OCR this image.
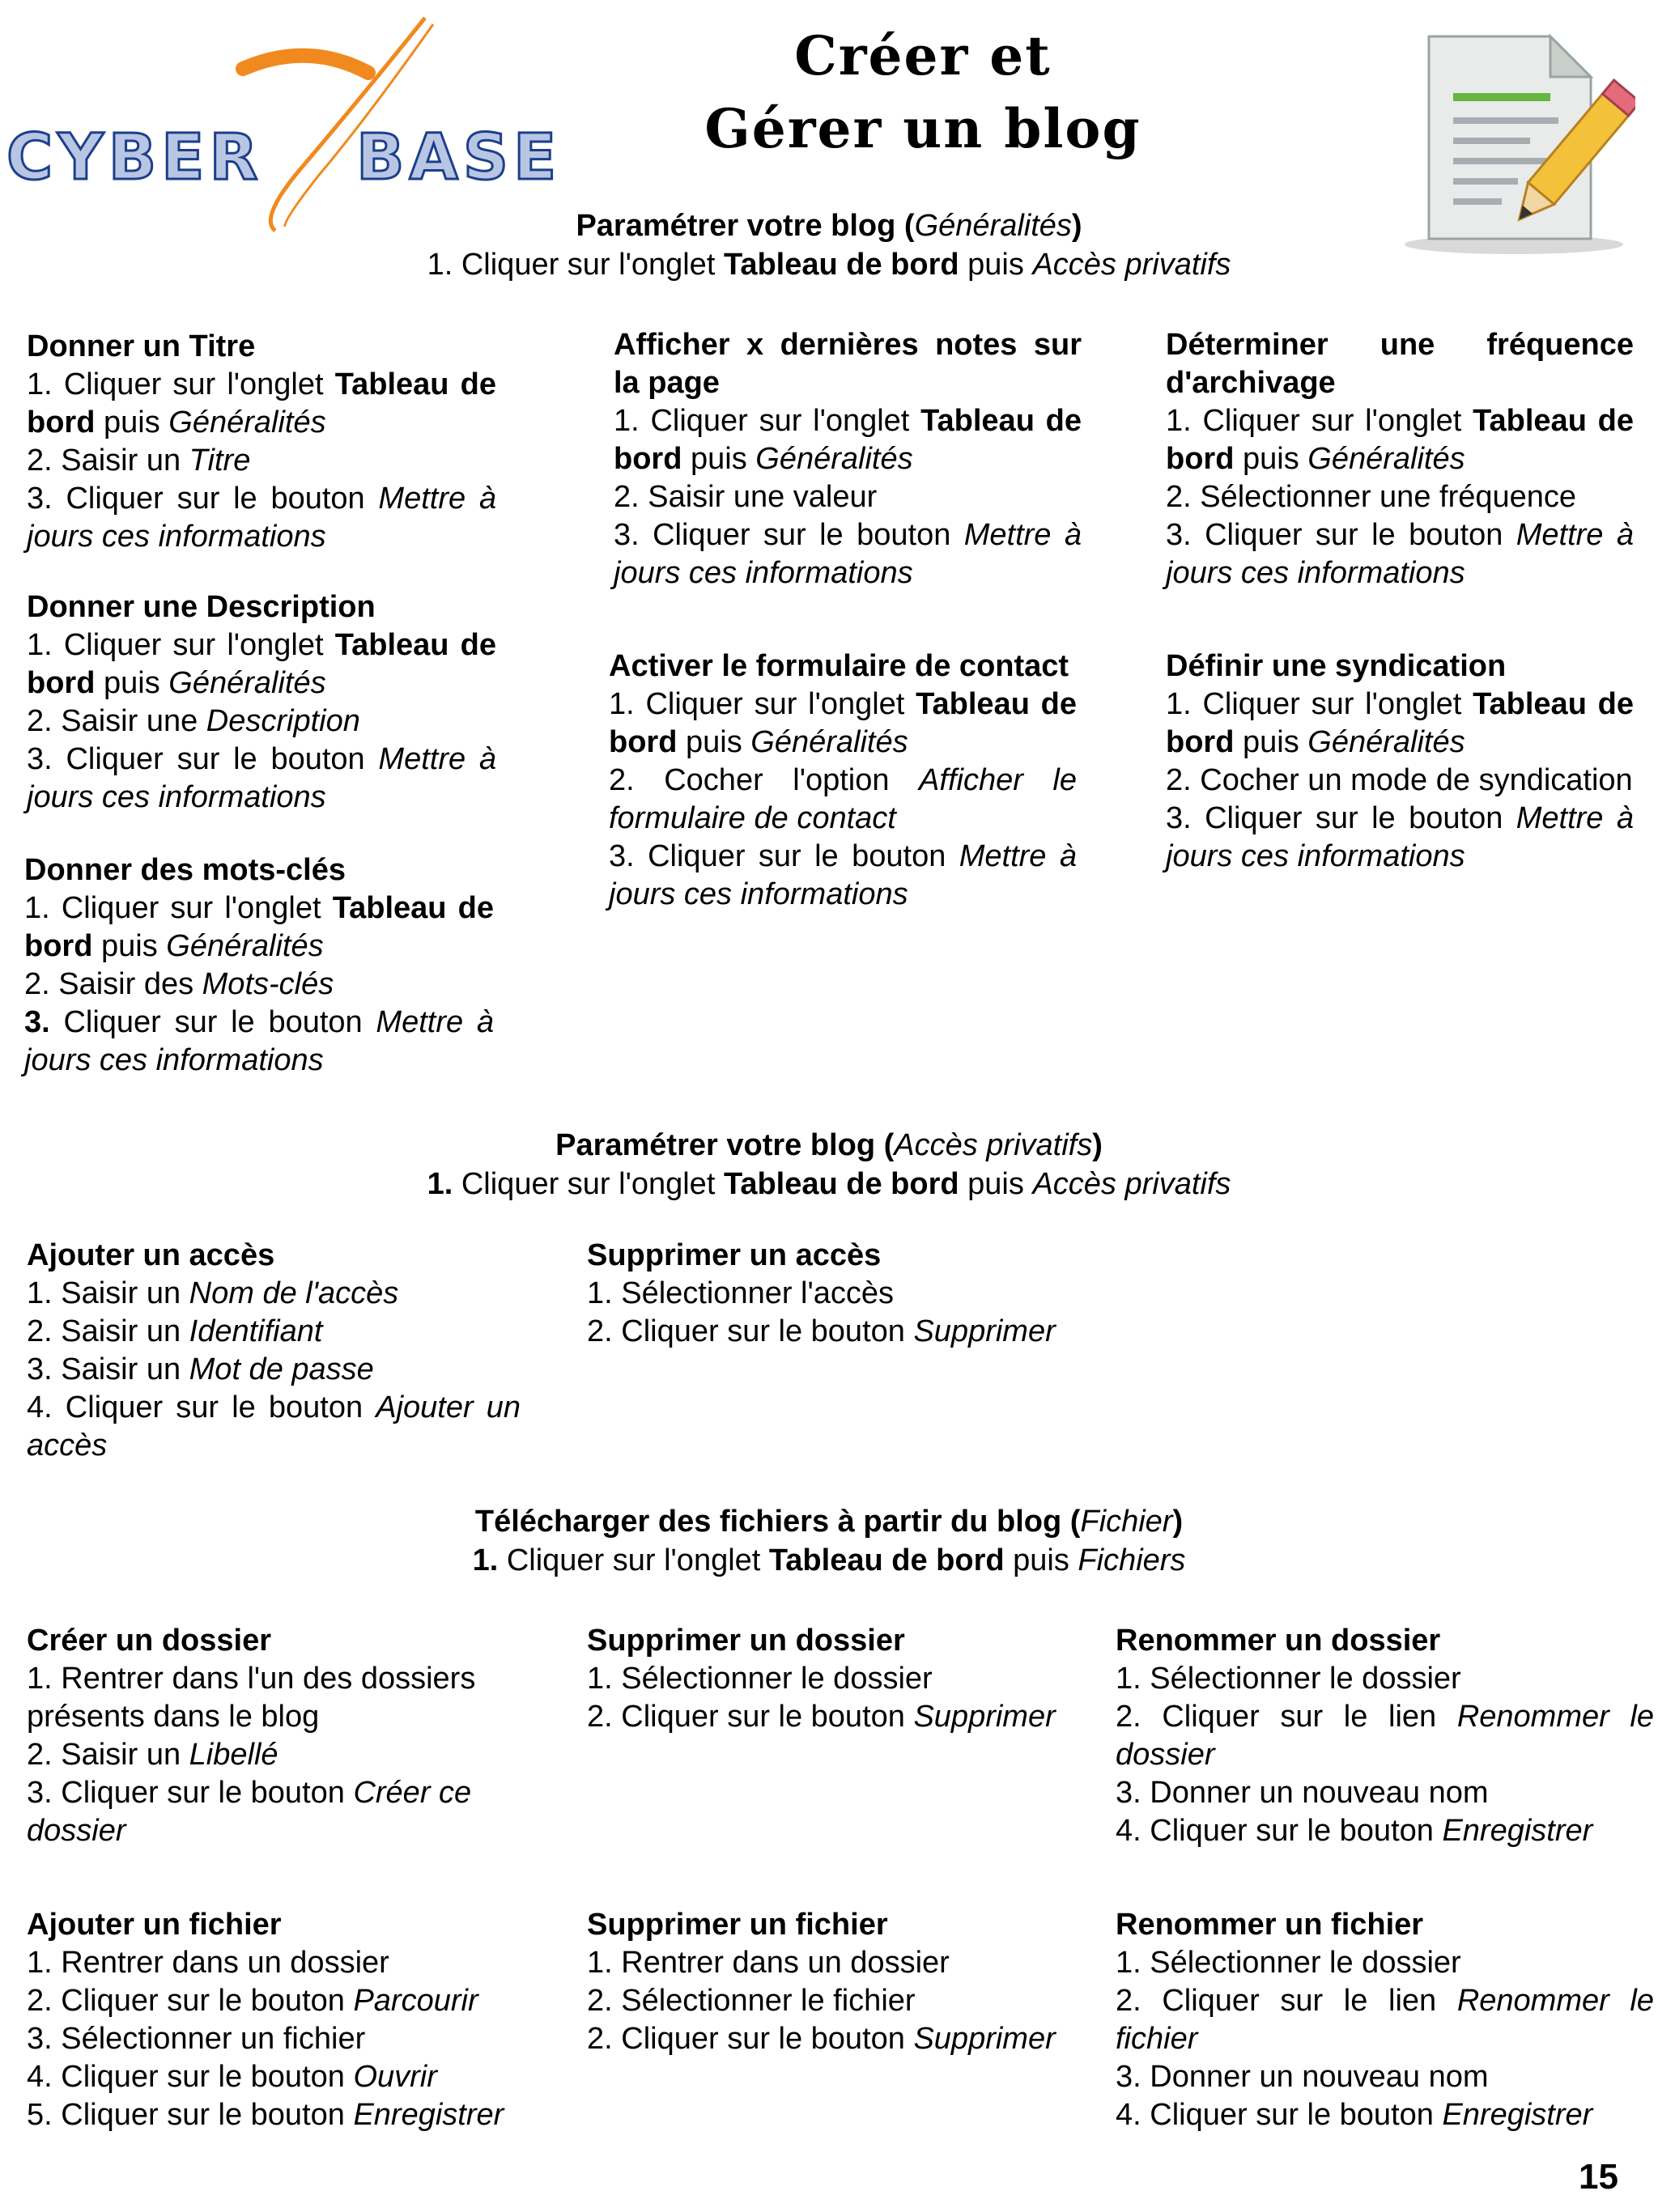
CYBER BASE
Créer et
Gérer un blog
Paramétrer votre blog (Généralités)
1. Cliquer sur l'onglet Tableau de bord puis Accès privatifs
Donner un Titre
1. Cliquer sur l'onglet Tableau de bord puis Généralités
2. Saisir un Titre
3. Cliquer sur le bouton Mettre à jours ces informations
Donner une Description
1. Cliquer sur l'onglet Tableau de bord puis Généralités
2. Saisir une Description
3. Cliquer sur le bouton Mettre à jours ces informations
Donner des mots-clés
1. Cliquer sur l'onglet Tableau de bord puis Généralités
2. Saisir des Mots-clés
3. Cliquer sur le bouton Mettre à jours ces informations
Afficher x dernières notes sur la page
1. Cliquer sur l'onglet Tableau de bord puis Généralités
2. Saisir une valeur
3. Cliquer sur le bouton Mettre à jours ces informations
Activer le formulaire de contact
1. Cliquer sur l'onglet Tableau de bord puis Généralités
2. Cocher l'option Afficher le formulaire de contact
3. Cliquer sur le bouton Mettre à jours ces informations
Déterminer une fréquence d'archivage
1. Cliquer sur l'onglet Tableau de bord puis Généralités
2. Sélectionner une fréquence
3. Cliquer sur le bouton Mettre à jours ces informations
Définir une syndication
1. Cliquer sur l'onglet Tableau de bord puis Généralités
2. Cocher un mode de syndication
3. Cliquer sur le bouton Mettre à jours ces informations
Paramétrer votre blog (Accès privatifs)
1. Cliquer sur l'onglet Tableau de bord puis Accès privatifs
Ajouter un accès
1. Saisir un Nom de l'accès
2. Saisir un Identifiant
3. Saisir un Mot de passe
4. Cliquer sur le bouton Ajouter un accès
Supprimer un accès
1. Sélectionner l'accès
2. Cliquer sur le bouton Supprimer
Télécharger des fichiers à partir du blog (Fichier)
1. Cliquer sur l'onglet Tableau de bord puis Fichiers
Créer un dossier
1. Rentrer dans l'un des dossiers présents dans le blog
2. Saisir un Libellé
3. Cliquer sur le bouton Créer ce dossier
Supprimer un dossier
1. Sélectionner le dossier
2. Cliquer sur le bouton Supprimer
Renommer un dossier
1. Sélectionner le dossier
2. Cliquer sur le lien Renommer le dossier
3. Donner un nouveau nom
4. Cliquer sur le bouton Enregistrer
Ajouter un fichier
1. Rentrer dans un dossier
2. Cliquer sur le bouton Parcourir
3. Sélectionner un fichier
4. Cliquer sur le bouton Ouvrir
5. Cliquer sur le bouton Enregistrer
Supprimer un fichier
1. Rentrer dans un dossier
2. Sélectionner le fichier
2. Cliquer sur le bouton Supprimer
Renommer un fichier
1. Sélectionner le dossier
2. Cliquer sur le lien Renommer le fichier
3. Donner un nouveau nom
4. Cliquer sur le bouton Enregistrer
15
